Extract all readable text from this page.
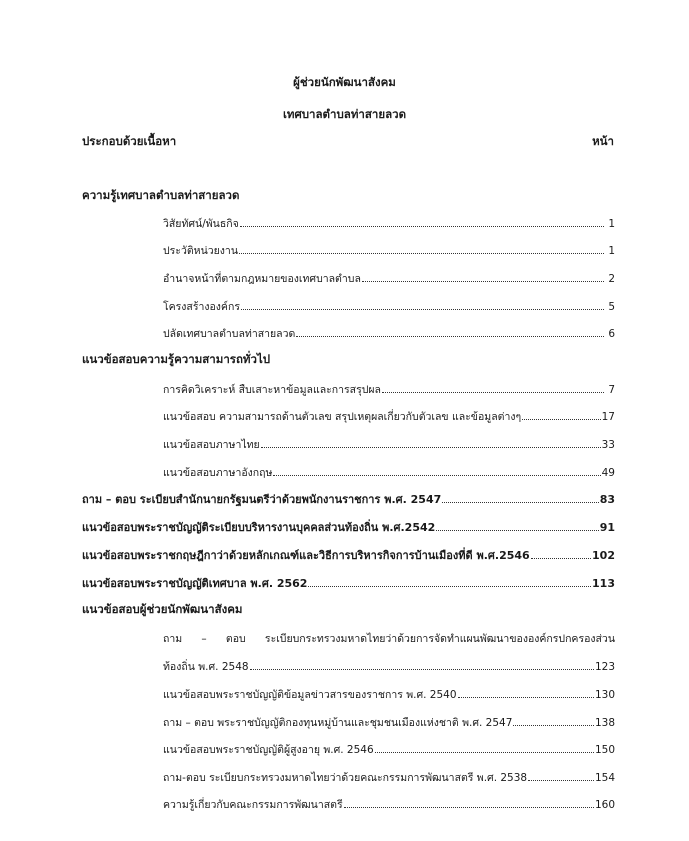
ผู้ช่วยนักพัฒนาสังคม
เทศบาลตำบลท่าสายลวด
ประกอบด้วยเนื้อหา	หน้า
ความรู้เทศบาลตำบลท่าสายลวด
วิสัยทัศน์/พันธกิจ	1
ประวัติหน่วยงาน	1
อำนาจหน้าที่ตามกฎหมายของเทศบาลตำบล	2
โครงสร้างองค์กร	5
ปลัดเทศบาลตำบลท่าสายลวด	6
แนวข้อสอบความรู้ความสามารถทั่วไป
การคิดวิเคราะห์ สืบเสาะหาข้อมูลและการสรุปผล	7
แนวข้อสอบ ความสามารถด้านตัวเลข สรุปเหตุผลเกี่ยวกับตัวเลข และข้อมูลต่างๆ	17
แนวข้อสอบภาษาไทย	33
แนวข้อสอบภาษาอังกฤษ	49
ถาม – ตอบ ระเบียบสำนักนายกรัฐมนตรีว่าด้วยพนักงานราชการ พ.ศ. 2547	83
แนวข้อสอบพระราชบัญญัติระเบียบบริหารงานบุคคลส่วนท้องถิ่น พ.ศ.2542	91
แนวข้อสอบพระราชกฤษฎีกาว่าด้วยหลักเกณฑ์และวิธีการบริหารกิจการบ้านเมืองที่ดี พ.ศ.2546	102
แนวข้อสอบพระราชบัญญัติเทศบาล พ.ศ. 2562	113
แนวข้อสอบผู้ช่วยนักพัฒนาสังคม
ถาม – ตอบ ระเบียบกระทรวงมหาดไทยว่าด้วยการจัดทำแผนพัฒนาขององค์กรปกครองส่วน
ท้องถิ่น พ.ศ. 2548	123
แนวข้อสอบพระราชบัญญัติข้อมูลข่าวสารของราชการ พ.ศ. 2540	130
ถาม – ตอบ พระราชบัญญัติกองทุนหมู่บ้านและชุมชนเมืองแห่งชาติ พ.ศ. 2547	138
แนวข้อสอบพระราชบัญญัติผู้สูงอายุ พ.ศ. 2546	150
ถาม-ตอบ ระเบียบกระทรวงมหาดไทยว่าด้วยคณะกรรมการพัฒนาสตรี พ.ศ. 2538	154
ความรู้เกี่ยวกับคณะกรรมการพัฒนาสตรี	160
